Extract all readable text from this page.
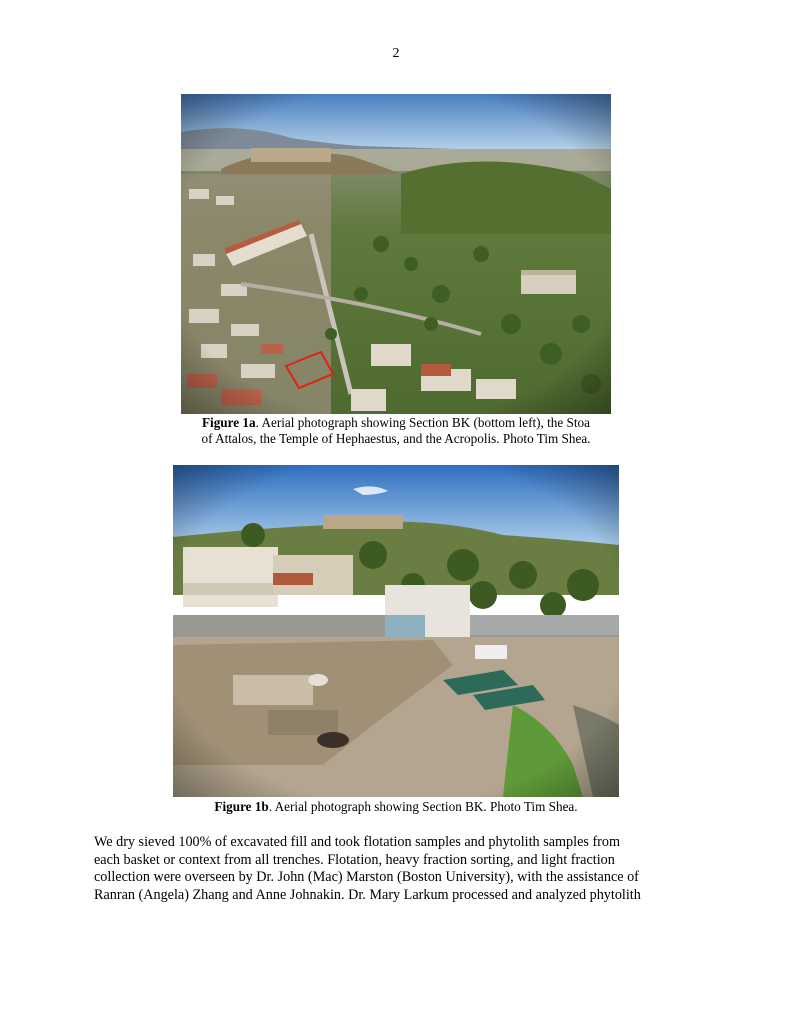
2
Figure 1a. Aerial photograph showing Section BK (bottom left), the Stoa
of Attalos, the Temple of Hephaestus, and the Acropolis. Photo Tim Shea.
Figure 1b. Aerial photograph showing Section BK. Photo Tim Shea.
We dry sieved 100% of excavated fill and took flotation samples and phytolith samples from
each basket or context from all trenches. Flotation, heavy fraction sorting, and light fraction
collection were overseen by Dr. John (Mac) Marston (Boston University), with the assistance of
Ranran (Angela) Zhang and Anne Johnakin. Dr. Mary Larkum processed and analyzed phytolith
